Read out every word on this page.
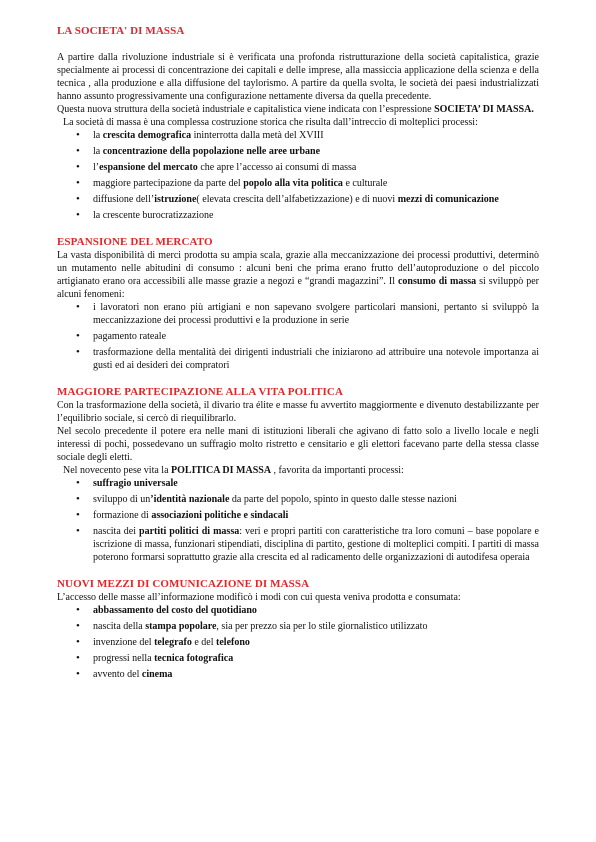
LA SOCIETA' DI MASSA

A partire dalla rivoluzione industriale si è verificata una profonda ristrutturazione della società capitalistica, grazie specialmente ai processi di concentrazione dei capitali e delle imprese, alla massiccia applicazione della scienza e della tecnica , alla produzione e alla diffusione del taylorismo. A partire da quella svolta, le società dei paesi industrializzati hanno assunto progressivamente una configurazione nettamente diversa da quella precedente.

Questa nuova struttura della società industriale e capitalistica viene indicata con l’espressione SOCIETA’ DI MASSA.

La società di massa è una complessa costruzione storica che risulta dall’intreccio di molteplici processi:

• la crescita demografica ininterrotta dalla metà del XVIII
• la concentrazione della popolazione nelle aree urbane
• l’espansione del mercato che apre l’accesso ai consumi di massa
• maggiore partecipazione da parte del popolo alla vita politica e culturale
• diffusione dell’istruzione( elevata crescita dell’alfabetizzazione) e di nuovi mezzi di comunicazione
• la crescente burocratizzazione
ESPANSIONE DEL MERCATO

La vasta disponibilità di merci prodotta su ampia scala, grazie alla meccanizzazione dei processi produttivi, determinò un mutamento nelle abitudini di consumo : alcuni beni che prima erano frutto dell’autoproduzione o del piccolo artigianato erano ora accessibili alle masse grazie a negozi e “grandi magazzini”. Il consumo di massa si sviluppò per alcuni fenomeni:

• i lavoratori non erano più artigiani e non sapevano svolgere particolari mansioni, pertanto si sviluppò la meccanizzazione dei processi produttivi e la produzione in serie
• pagamento rateale
• trasformazione della mentalità dei dirigenti industriali che iniziarono ad attribuire una notevole importanza ai gusti ed ai desideri dei compratori
MAGGIORE PARTECIPAZIONE ALLA VITA POLITICA

Con la trasformazione della società, il divario tra élite e masse fu avvertito maggiormente e divenuto destabilizzante per l’equilibrio sociale, si cercò di riequilibrarlo.

Nel secolo precedente il potere era nelle mani di istituzioni liberali che agivano di fatto solo a livello locale e negli interessi di pochi, possedevano un suffragio molto ristretto e censitario e gli elettori facevano parte della stessa classe sociale degli eletti.

Nel novecento pese vita la POLITICA DI MASSA , favorita da importanti processi:

• suffragio universale
• sviluppo di un’identità nazionale da parte del popolo, spinto in questo dalle stesse nazioni
• formazione di associazioni politiche e sindacali
• nascita dei partiti politici di massa: veri e propri partiti con caratteristiche tra loro comuni – base popolare e iscrizione di massa, funzionari stipendiati, disciplina di partito, gestione di molteplici compiti. I partiti di massa poterono formarsi soprattutto grazie alla crescita ed al radicamento delle organizzazioni di autodifesa operaia
NUOVI MEZZI DI COMUNICAZIONE DI MASSA

L’accesso delle masse all’informazione modificò i modi con cui questa veniva prodotta e consumata:

• abbassamento del costo del quotidiano
• nascita della stampa popolare, sia per prezzo sia per lo stile giornalistico utilizzato
• invenzione del telegrafo e del telefono
• progressi nella tecnica fotografica
• avvento del cinema
